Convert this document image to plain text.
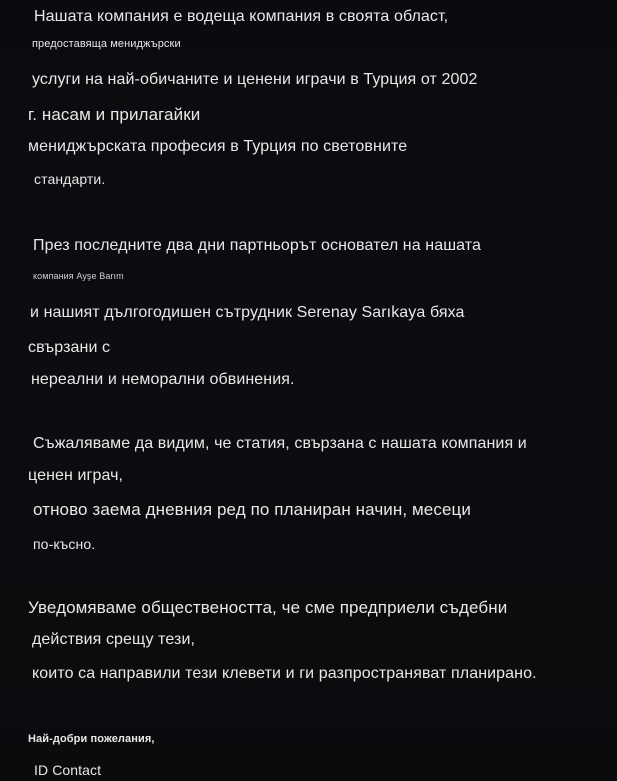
Нашата компания е водеща компания в своята област,
предоставяща мениджърски
услуги на най-обичаните и ценени играчи в Турция от 2002
г. насам и прилагайки
мениджърската професия в Турция по световните
стандарти.
През последните два дни партньорът основател на нашата
компания Ayşe Barım
и нашият дългогодишен сътрудник Serenay Sarıkaya бяха
свързани с
нереални и неморални обвинения.
Съжаляваме да видим, че статия, свързана с нашата компания и
ценен играч,
отново заема дневния ред по планиран начин, месеци
по-късно.
Уведомяваме обществеността, че сме предприели съдебни
действия срещу тези,
които са направили тези клевети и ги разпространяват планирано.
Най-добри пожелания,
ID Contact
